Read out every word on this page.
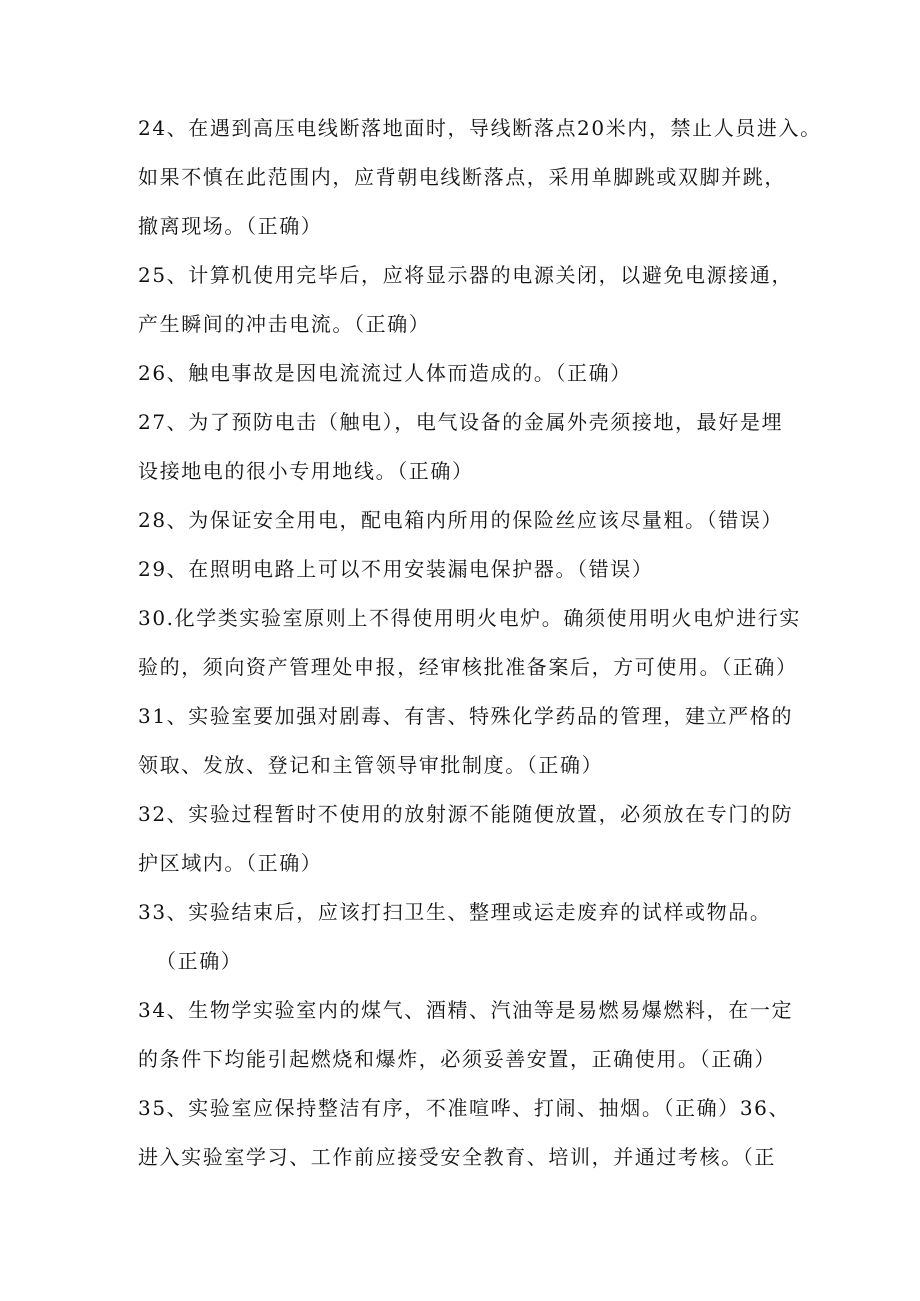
24、在遇到高压电线断落地面时，导线断落点20米内，禁止人员进入。
如果不慎在此范围内，应背朝电线断落点，采用单脚跳或双脚并跳，
撤离现场。（正确）
25、计算机使用完毕后，应将显示器的电源关闭，以避免电源接通，
产生瞬间的冲击电流。（正确）
26、触电事故是因电流流过人体而造成的。（正确）
27、为了预防电击（触电），电气设备的金属外壳须接地，最好是埋
设接地电的很小专用地线。（正确）
28、为保证安全用电，配电箱内所用的保险丝应该尽量粗。（错误）
29、在照明电路上可以不用安装漏电保护器。（错误）
30.化学类实验室原则上不得使用明火电炉。确须使用明火电炉进行实
验的，须向资产管理处申报，经审核批准备案后，方可使用。（正确）
31、实验室要加强对剧毒、有害、特殊化学药品的管理，建立严格的
领取、发放、登记和主管领导审批制度。（正确）
32、实验过程暂时不使用的放射源不能随便放置，必须放在专门的防
护区域内。（正确）
33、实验结束后，应该打扫卫生、整理或运走废弃的试样或物品。
（正确）
34、生物学实验室内的煤气、酒精、汽油等是易燃易爆燃料，在一定
的条件下均能引起燃烧和爆炸，必须妥善安置，正确使用。（正确）
35、实验室应保持整洁有序，不准喧哗、打闹、抽烟。（正确）36、
进入实验室学习、工作前应接受安全教育、培训，并通过考核。（正
